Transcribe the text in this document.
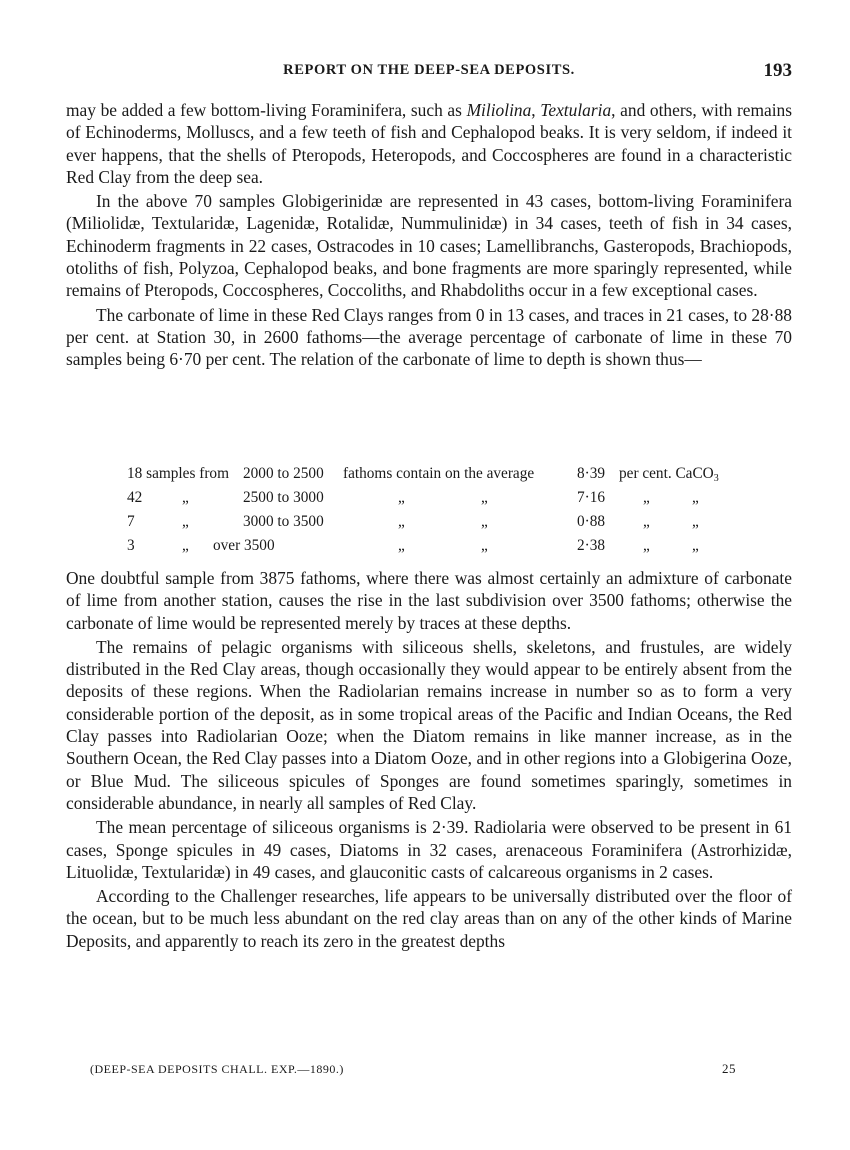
REPORT ON THE DEEP-SEA DEPOSITS.	193

may be added a few bottom-living Foraminifera, such as Miliolina, Textularia, and others, with remains of Echinoderms, Molluscs, and a few teeth of fish and Cephalopod beaks. It is very seldom, if indeed it ever happens, that the shells of Pteropods, Heteropods, and Coccospheres are found in a characteristic Red Clay from the deep sea.

In the above 70 samples Globigerinidæ are represented in 43 cases, bottom-living Foraminifera (Miliolidæ, Textularidæ, Lagenidæ, Rotalidæ, Nummulinidæ) in 34 cases, teeth of fish in 34 cases, Echinoderm fragments in 22 cases, Ostracodes in 10 cases; Lamellibranchs, Gasteropods, Brachiopods, otoliths of fish, Polyzoa, Cephalopod beaks, and bone fragments are more sparingly represented, while remains of Pteropods, Coccospheres, Coccoliths, and Rhabdoliths occur in a few exceptional cases.

The carbonate of lime in these Red Clays ranges from 0 in 13 cases, and traces in 21 cases, to 28·88 per cent. at Station 30, in 2600 fathoms—the average percentage of carbonate of lime in these 70 samples being 6·70 per cent. The relation of the carbonate of lime to depth is shown thus—

18 samples from 2000 to 2500 fathoms contain on the average	8·39 per cent. CaCO$_3$
42	„	2500 to 3000	„	„	7·16 „	„
7	„	3000 to 3500	„	„	0·88 „	„
3	„ over 3500	„	„	2·38 „	„

One doubtful sample from 3875 fathoms, where there was almost certainly an admixture of carbonate of lime from another station, causes the rise in the last subdivision over 3500 fathoms; otherwise the carbonate of lime would be represented merely by traces at these depths.

The remains of pelagic organisms with siliceous shells, skeletons, and frustules, are widely distributed in the Red Clay areas, though occasionally they would appear to be entirely absent from the deposits of these regions. When the Radiolarian remains increase in number so as to form a very considerable portion of the deposit, as in some tropical areas of the Pacific and Indian Oceans, the Red Clay passes into Radiolarian Ooze; when the Diatom remains in like manner increase, as in the Southern Ocean, the Red Clay passes into a Diatom Ooze, and in other regions into a Globigerina Ooze, or Blue Mud. The siliceous spicules of Sponges are found sometimes sparingly, sometimes in considerable abundance, in nearly all samples of Red Clay.

The mean percentage of siliceous organisms is 2·39. Radiolaria were observed to be present in 61 cases, Sponge spicules in 49 cases, Diatoms in 32 cases, arenaceous Foraminifera (Astrorhizidæ, Lituolidæ, Textularidæ) in 49 cases, and glauconitic casts of calcareous organisms in 2 cases.

According to the Challenger researches, life appears to be universally distributed over the floor of the ocean, but to be much less abundant on the red clay areas than on any of the other kinds of Marine Deposits, and apparently to reach its zero in the greatest depths

(DEEP-SEA DEPOSITS CHALL. EXP.—1890.)	25
